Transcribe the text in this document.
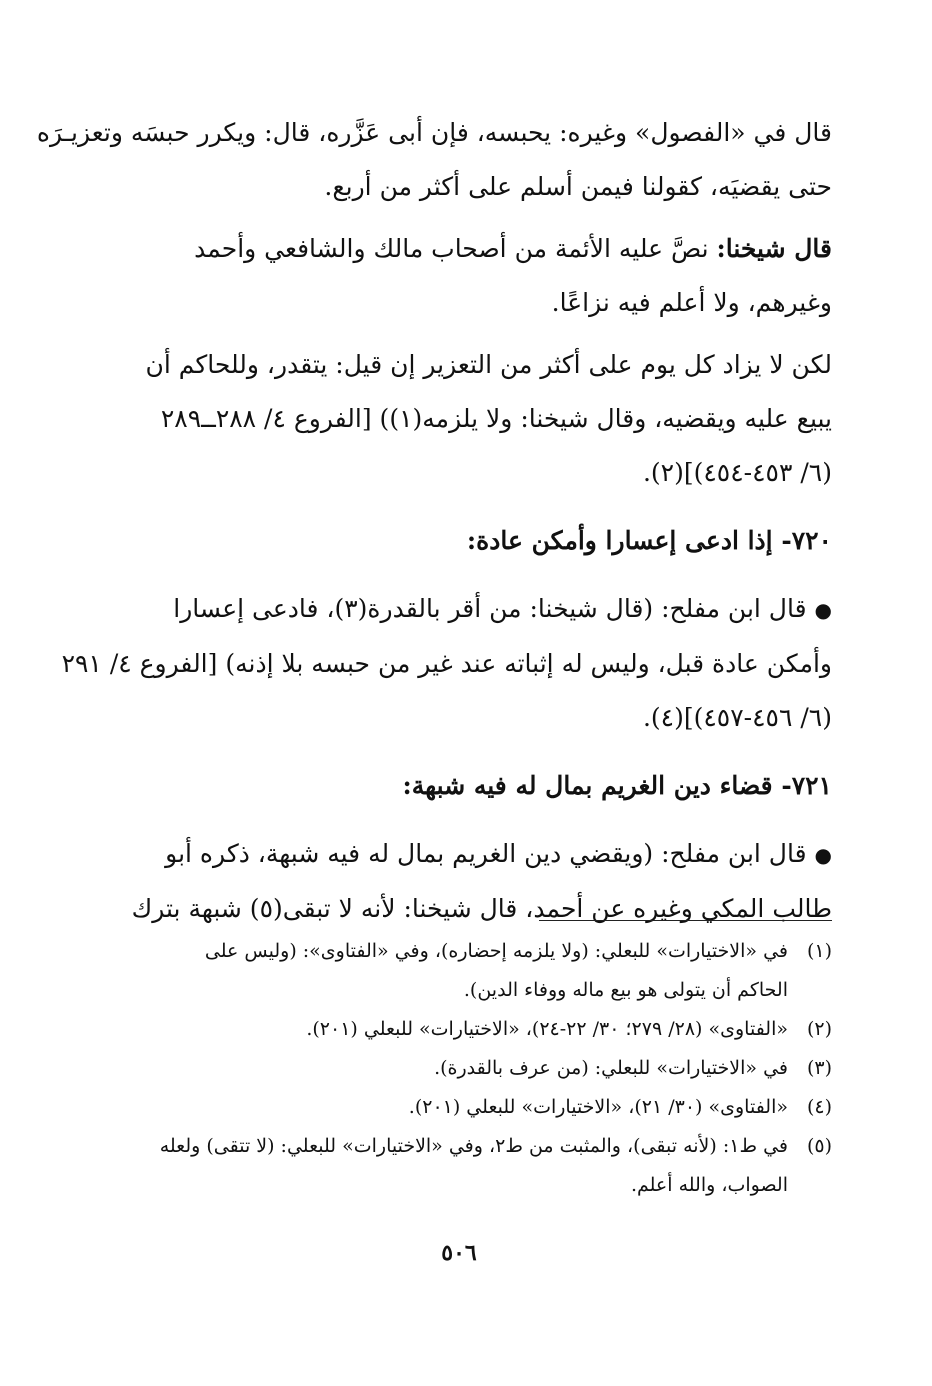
قال في «الفصول» وغيره: يحبسه، فإن أبى عَزَّره، قال: ويكرر حبسَه وتعزيـرَه
حتى يقضيَه، كقولنا فيمن أسلم على أكثر من أربع.
قال شيخنا: نصَّ عليه الأئمة من أصحاب مالك والشافعي وأحمد
وغيرهم، ولا أعلم فيه نزاعًا.
لكن لا يزاد كل يوم على أكثر من التعزير إن قيل: يتقدر، وللحاكم أن
يبيع عليه ويقضيه، وقال شيخنا: ولا يلزمه(١)) [الفروع ٤/ ٢٨٨ــ٢٨٩
(٦/ ٤٥٣-٤٥٤)](٢).
٧٢٠- إذا ادعى إعسارا وأمكن عادة:
●قال ابن مفلح: (قال شيخنا: من أقر بالقدرة(٣)، فادعى إعسارا
وأمكن عادة قبل، وليس له إثباته عند غير من حبسه بلا إذنه) [الفروع ٤/ ٢٩١
(٦/ ٤٥٦-٤٥٧)](٤).
٧٢١- قضاء دين الغريم بمال له فيه شبهة:
●قال ابن مفلح: (ويقضي دين الغريم بمال له فيه شبهة، ذكره أبو
طالب المكي وغيره عن أحمد، قال شيخنا: لأنه لا تبقى(٥) شبهة بترك
(١)
في «الاختيارات» للبعلي: (ولا يلزمه إحضاره)، وفي «الفتاوى»: (وليس على
الحاكم أن يتولى هو بيع ماله ووفاء الدين).
(٢)
«الفتاوى» (٢٨/ ٢٧٩؛ ٣٠/ ٢٢-٢٤)، «الاختيارات» للبعلي (٢٠١).
(٣)
في «الاختيارات» للبعلي: (من عرف بالقدرة).
(٤)
«الفتاوى» (٣٠/ ٢١)، «الاختيارات» للبعلي (٢٠١).
(٥)
في ط١: (لأنه تبقى)، والمثبت من ط٢، وفي «الاختيارات» للبعلي: (لا تتقى) ولعله
الصواب، والله أعلم.
٥٠٦
